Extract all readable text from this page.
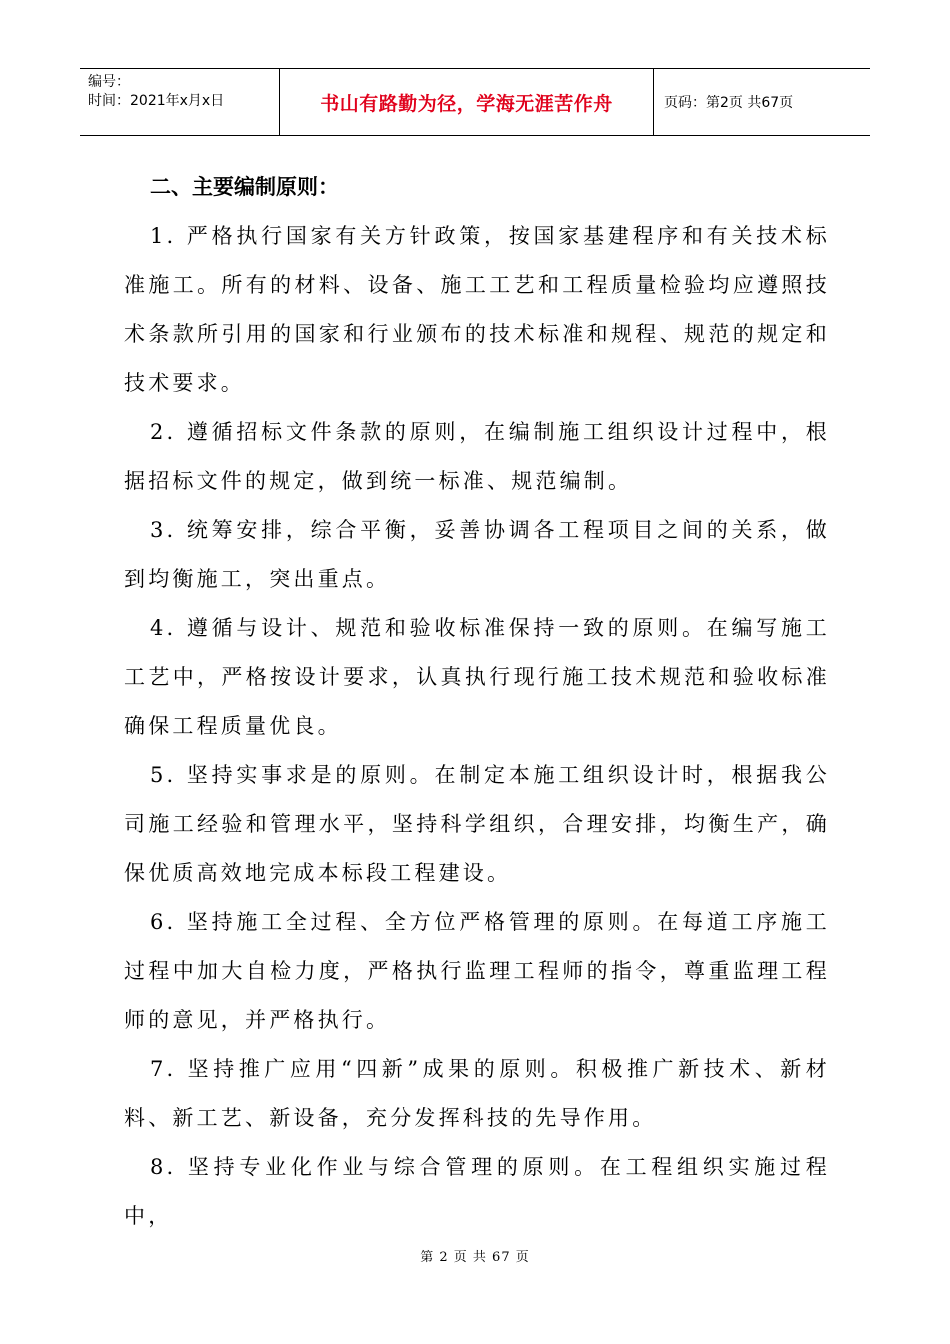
编号：
时间：2021年x月x日	书山有路勤为径，学海无涯苦作舟	页码：第2页 共67页
二、主要编制原则：

1. 严格执行国家有关方针政策，按国家基建程序和有关技术标准施工。所有的材料、设备、施工工艺和工程质量检验均应遵照技术条款所引用的国家和行业颁布的技术标准和规程、规范的规定和技术要求。

2. 遵循招标文件条款的原则，在编制施工组织设计过程中，根据招标文件的规定，做到统一标准、规范编制。

3. 统筹安排，综合平衡，妥善协调各工程项目之间的关系，做到均衡施工，突出重点。

4. 遵循与设计、规范和验收标准保持一致的原则。在编写施工工艺中，严格按设计要求，认真执行现行施工技术规范和验收标准确保工程质量优良。

5. 坚持实事求是的原则。在制定本施工组织设计时，根据我公司施工经验和管理水平，坚持科学组织，合理安排，均衡生产，确保优质高效地完成本标段工程建设。

6. 坚持施工全过程、全方位严格管理的原则。在每道工序施工过程中加大自检力度，严格执行监理工程师的指令，尊重监理工程师的意见，并严格执行。

7. 坚持推广应用“四新”成果的原则。积极推广新技术、新材料、新工艺、新设备，充分发挥科技的先导作用。

8. 坚持专业化作业与综合管理的原则。在工程组织实施过程中，

第 2 页 共 67 页
